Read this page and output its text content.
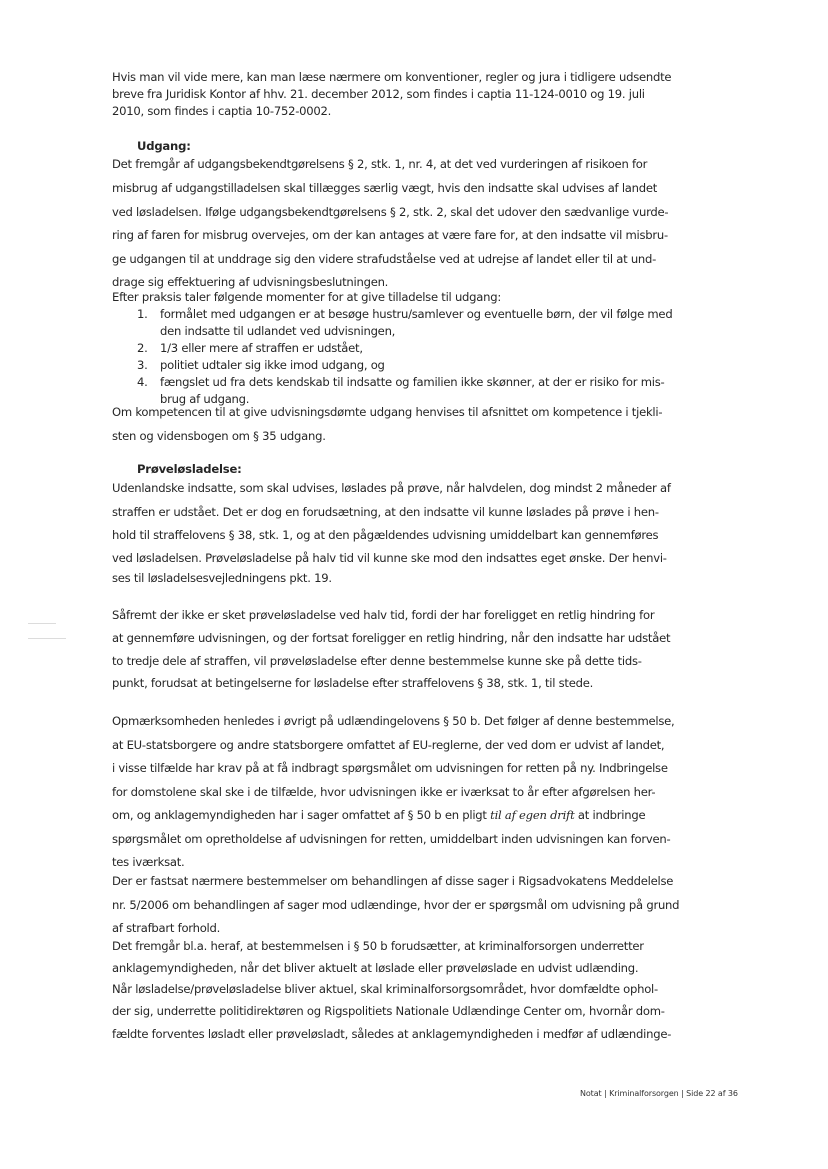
Hvis man vil vide mere, kan man læse nærmere om konventioner, regler og jura i tidligere udsendte
breve fra Juridisk Kontor af hhv. 21. december 2012, som findes i captia 11-124-0010 og 19. juli
2010, som findes i captia 10-752-0002.
Udgang:
Det fremgår af udgangsbekendtgørelsens § 2, stk. 1, nr. 4, at det ved vurderingen af risikoen for
misbrug af udgangstilladelsen skal tillægges særlig vægt, hvis den indsatte skal udvises af landet
ved løsladelsen. Ifølge udgangsbekendtgørelsens § 2, stk. 2, skal det udover den sædvanlige vurde-
ring af faren for misbrug overvejes, om der kan antages at være fare for, at den indsatte vil misbru-
ge udgangen til at unddrage sig den videre strafudståelse ved at udrejse af landet eller til at und-
drage sig effektuering af udvisningsbeslutningen.
Efter praksis taler følgende momenter for at give tilladelse til udgang:
1. formålet med udgangen er at besøge hustru/samlever og eventuelle børn, der vil følge med
den indsatte til udlandet ved udvisningen,
2. 1/3 eller mere af straffen er udstået,
3. politiet udtaler sig ikke imod udgang, og
4. fængslet ud fra dets kendskab til indsatte og familien ikke skønner, at der er risiko for mis-
brug af udgang.
Om kompetencen til at give udvisningsdømte udgang henvises til afsnittet om kompetence i tjekli-
sten og vidensbogen om § 35 udgang.
Prøveløsladelse:
Udenlandske indsatte, som skal udvises, løslades på prøve, når halvdelen, dog mindst 2 måneder af
straffen er udstået. Det er dog en forudsætning, at den indsatte vil kunne løslades på prøve i hen-
hold til straffelovens § 38, stk. 1, og at den pågældendes udvisning umiddelbart kan gennemføres
ved løsladelsen. Prøveløsladelse på halv tid vil kunne ske mod den indsattes eget ønske. Der henvi-
ses til løsladelsesvejledningens pkt. 19.
Såfremt der ikke er sket prøveløsladelse ved halv tid, fordi der har foreligget en retlig hindring for
at gennemføre udvisningen, og der fortsat foreligger en retlig hindring, når den indsatte har udstået
to tredje dele af straffen, vil prøveløsladelse efter denne bestemmelse kunne ske på dette tids-
punkt, forudsat at betingelserne for løsladelse efter straffelovens § 38, stk. 1, til stede.
Opmærksomheden henledes i øvrigt på udlændingelovens § 50 b. Det følger af denne bestemmelse,
at EU-statsborgere og andre statsborgere omfattet af EU-reglerne, der ved dom er udvist af landet,
i visse tilfælde har krav på at få indbragt spørgsmålet om udvisningen for retten på ny. Indbringelse
for domstolene skal ske i de tilfælde, hvor udvisningen ikke er iværksat to år efter afgørelsen her-
om, og anklagemyndigheden har i sager omfattet af § 50 b en pligt til af egen drift at indbringe
spørgsmålet om opretholdelse af udvisningen for retten, umiddelbart inden udvisningen kan forven-
tes iværksat.
Der er fastsat nærmere bestemmelser om behandlingen af disse sager i Rigsadvokatens Meddelelse
nr. 5/2006 om behandlingen af sager mod udlændinge, hvor der er spørgsmål om udvisning på grund
af strafbart forhold.
Det fremgår bl.a. heraf, at bestemmelsen i § 50 b forudsætter, at kriminalforsorgen underretter
anklagemyndigheden, når det bliver aktuelt at løslade eller prøveløslade en udvist udlænding.
Når løsladelse/prøveløsladelse bliver aktuel, skal kriminalforsorgsområdet, hvor domfældte ophol-
der sig, underrette politidirektøren og Rigspolitiets Nationale Udlændinge Center om, hvornår dom-
fældte forventes løsladt eller prøveløsladt, således at anklagemyndigheden i medfør af udlændinge-
Notat | Kriminalforsorgen | Side 22 af 36
